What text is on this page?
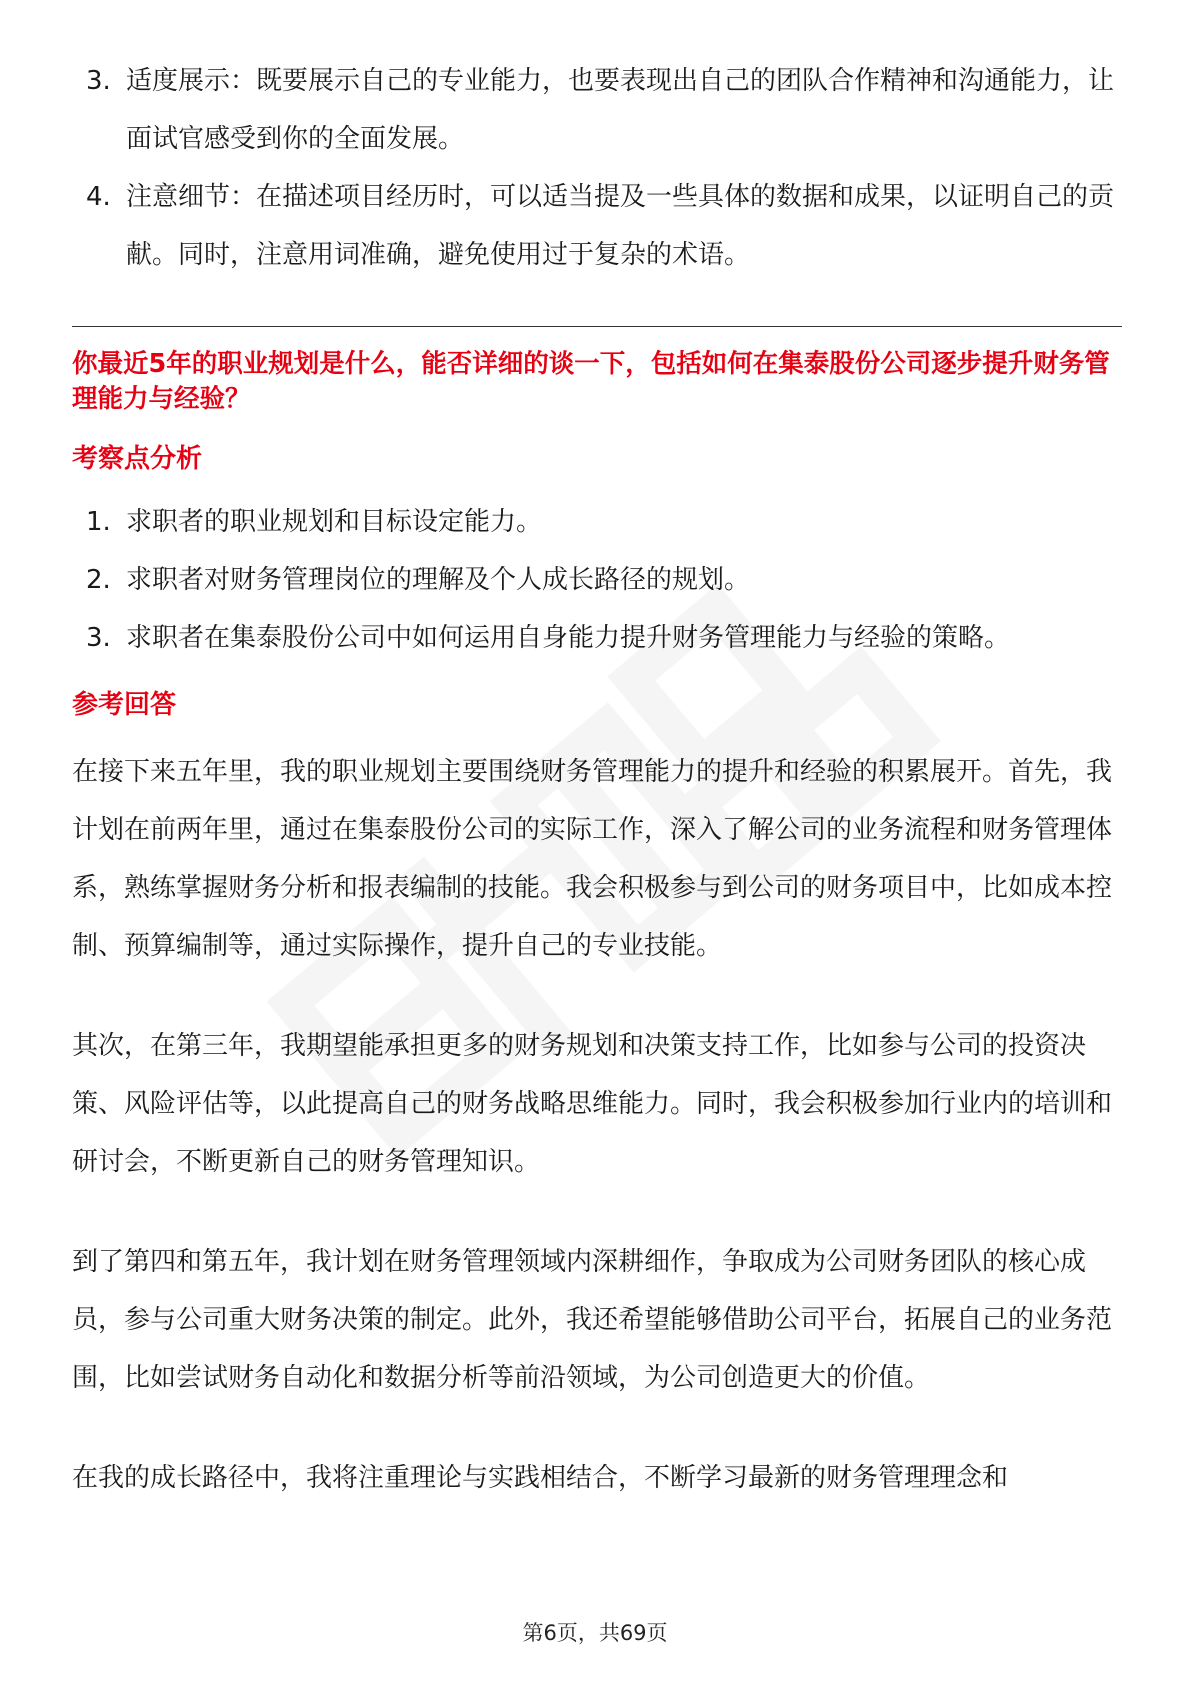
3. 适度展示：既要展示自己的专业能力，也要表现出自己的团队合作精神和沟通能力，让面试官感受到你的全面发展。
4. 注意细节：在描述项目经历时，可以适当提及一些具体的数据和成果，以证明自己的贡献。同时，注意用词准确，避免使用过于复杂的术语。
你最近5年的职业规划是什么，能否详细的谈一下，包括如何在集泰股份公司逐步提升财务管理能力与经验？
考察点分析
1. 求职者的职业规划和目标设定能力。
2. 求职者对财务管理岗位的理解及个人成长路径的规划。
3. 求职者在集泰股份公司中如何运用自身能力提升财务管理能力与经验的策略。
参考回答

在接下来五年里，我的职业规划主要围绕财务管理能力的提升和经验的积累展开。首先，我计划在前两年里，通过在集泰股份公司的实际工作，深入了解公司的业务流程和财务管理体系，熟练掌握财务分析和报表编制的技能。我会积极参与到公司的财务项目中，比如成本控制、预算编制等，通过实际操作，提升自己的专业技能。

其次，在第三年，我期望能承担更多的财务规划和决策支持工作，比如参与公司的投资决策、风险评估等，以此提高自己的财务战略思维能力。同时，我会积极参加行业内的培训和研讨会，不断更新自己的财务管理知识。

到了第四和第五年，我计划在财务管理领域内深耕细作，争取成为公司财务团队的核心成员，参与公司重大财务决策的制定。此外，我还希望能够借助公司平台，拓展自己的业务范围，比如尝试财务自动化和数据分析等前沿领域，为公司创造更大的价值。

在我的成长路径中，我将注重理论与实践相结合，不断学习最新的财务管理理念和

第6页，共69页
